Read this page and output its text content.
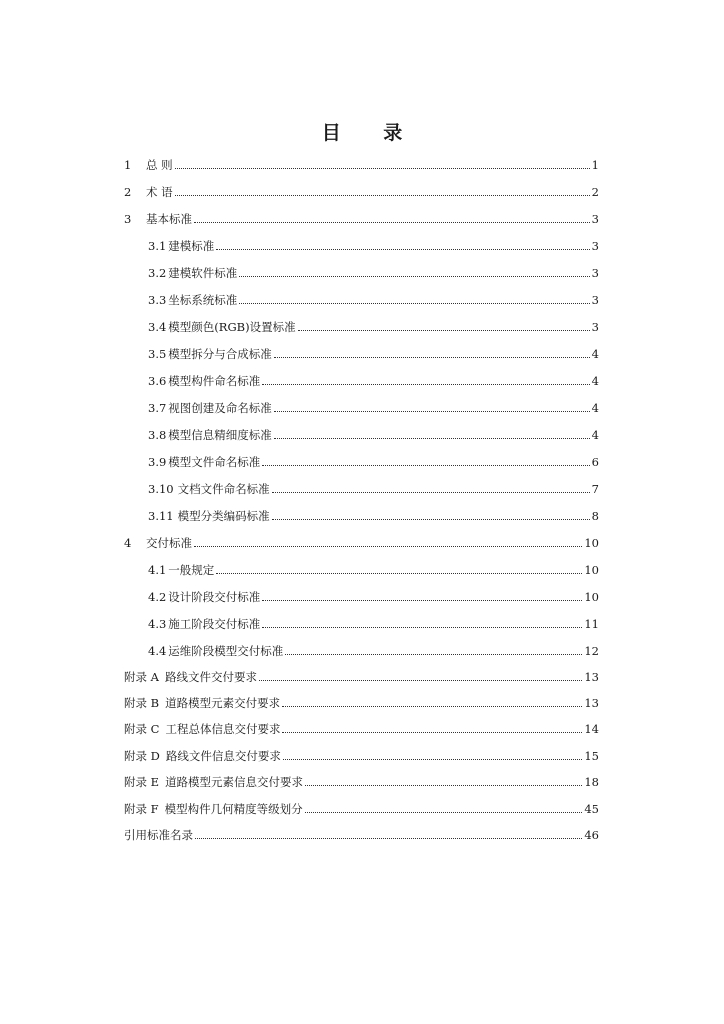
目 录
1	总 则	1
2	术 语	2
3	基本标准	3
3.1 建模标准	3
3.2 建模软件标准	3
3.3 坐标系统标准	3
3.4 模型颜色(RGB)设置标准	3
3.5 模型拆分与合成标准	4
3.6 模型构件命名标准	4
3.7 视图创建及命名标准	4
3.8 模型信息精细度标准	4
3.9 模型文件命名标准	6
3.10 文档文件命名标准	7
3.11 模型分类编码标准	8
4	交付标准	10
4.1 一般规定	10
4.2 设计阶段交付标准	10
4.3 施工阶段交付标准	11
4.4 运维阶段模型交付标准	12
附录 A 路线文件交付要求	13
附录 B 道路模型元素交付要求	13
附录 C 工程总体信息交付要求	14
附录 D 路线文件信息交付要求	15
附录 E 道路模型元素信息交付要求	18
附录 F 模型构件几何精度等级划分	45
引用标准名录	46
